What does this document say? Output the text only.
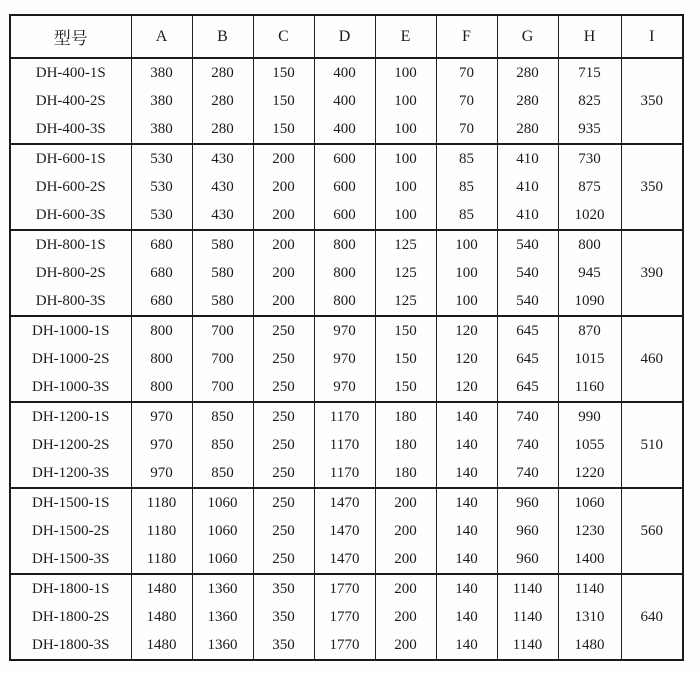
型号	A	B	C	D	E	F	G	H	I
DH-400-1S	380	280	150	400	100	70	280	715	350
DH-400-2S	380	280	150	400	100	70	280	825	
DH-400-3S	380	280	150	400	100	70	280	935	
DH-600-1S	530	430	200	600	100	85	410	730	350
DH-600-2S	530	430	200	600	100	85	410	875	
DH-600-3S	530	430	200	600	100	85	410	1020	
DH-800-1S	680	580	200	800	125	100	540	800	390
DH-800-2S	680	580	200	800	125	100	540	945	
DH-800-3S	680	580	200	800	125	100	540	1090	
DH-1000-1S	800	700	250	970	150	120	645	870	460
DH-1000-2S	800	700	250	970	150	120	645	1015	
DH-1000-3S	800	700	250	970	150	120	645	1160	
DH-1200-1S	970	850	250	1170	180	140	740	990	510
DH-1200-2S	970	850	250	1170	180	140	740	1055	
DH-1200-3S	970	850	250	1170	180	140	740	1220	
DH-1500-1S	1180	1060	250	1470	200	140	960	1060	560
DH-1500-2S	1180	1060	250	1470	200	140	960	1230	
DH-1500-3S	1180	1060	250	1470	200	140	960	1400	
DH-1800-1S	1480	1360	350	1770	200	140	1140	1140	640
DH-1800-2S	1480	1360	350	1770	200	140	1140	1310	
DH-1800-3S	1480	1360	350	1770	200	140	1140	1480	
